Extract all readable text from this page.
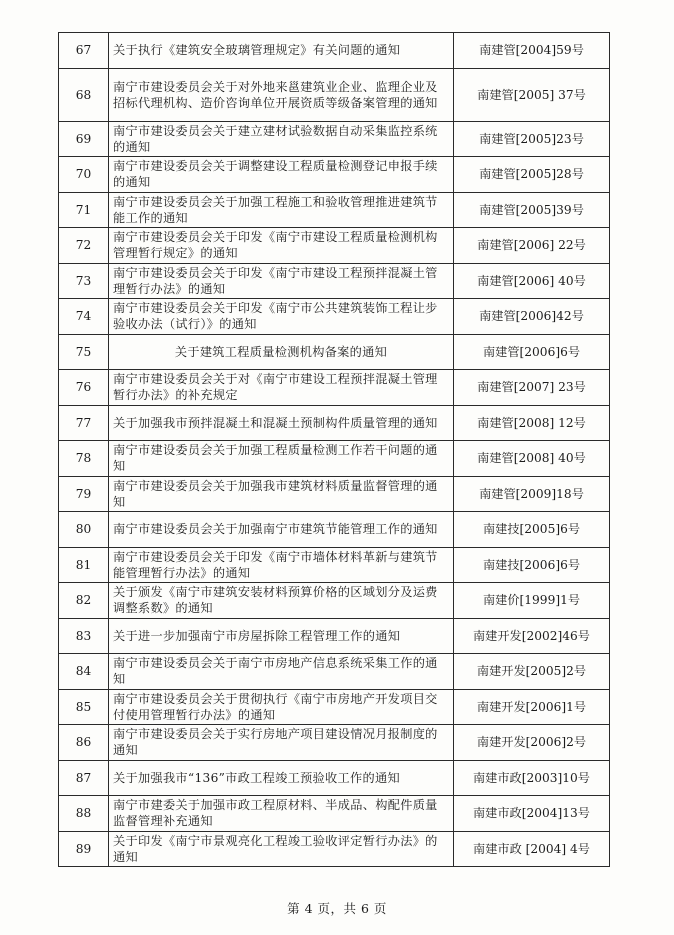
67	关于执行《建筑安全玻璃管理规定》有关问题的通知	南建管[2004]59号
68	南宁市建设委员会关于对外地来邕建筑业企业、监理企业及招标代理机构、造价咨询单位开展资质等级备案管理的通知	南建管[2005] 37号
69	南宁市建设委员会关于建立建材试验数据自动采集监控系统的通知	南建管[2005]23号
70	南宁市建设委员会关于调整建设工程质量检测登记申报手续的通知	南建管[2005]28号
71	南宁市建设委员会关于加强工程施工和验收管理推进建筑节能工作的通知	南建管[2005]39号
72	南宁市建设委员会关于印发《南宁市建设工程质量检测机构管理暂行规定》的通知	南建管[2006] 22号
73	南宁市建设委员会关于印发《南宁市建设工程预拌混凝土管理暂行办法》的通知	南建管[2006] 40号
74	南宁市建设委员会关于印发《南宁市公共建筑装饰工程让步验收办法（试行）》的通知	南建管[2006]42号
75	关于建筑工程质量检测机构备案的通知	南建管[2006]6号
76	南宁市建设委员会关于对《南宁市建设工程预拌混凝土管理暂行办法》的补充规定	南建管[2007] 23号
77	关于加强我市预拌混凝土和混凝土预制构件质量管理的通知	南建管[2008] 12号
78	南宁市建设委员会关于加强工程质量检测工作若干问题的通知	南建管[2008] 40号
79	南宁市建设委员会关于加强我市建筑材料质量监督管理的通知	南建管[2009]18号
80	南宁市建设委员会关于加强南宁市建筑节能管理工作的通知	南建技[2005]6号
81	南宁市建设委员会关于印发《南宁市墙体材料革新与建筑节能管理暂行办法》的通知	南建技[2006]6号
82	关于颁发《南宁市建筑安装材料预算价格的区域划分及运费调整系数》的通知	南建价[1999]1号
83	关于进一步加强南宁市房屋拆除工程管理工作的通知	南建开发[2002]46号
84	南宁市建设委员会关于南宁市房地产信息系统采集工作的通知	南建开发[2005]2号
85	南宁市建设委员会关于贯彻执行《南宁市房地产开发项目交付使用管理暂行办法》的通知	南建开发[2006]1号
86	南宁市建设委员会关于实行房地产项目建设情况月报制度的通知	南建开发[2006]2号
87	关于加强我市“136”市政工程竣工预验收工作的通知	南建市政[2003]10号
88	南宁市建委关于加强市政工程原材料、半成品、构配件质量监督管理补充通知	南建市政[2004]13号
89	关于印发《南宁市景观亮化工程竣工验收评定暂行办法》的通知	南建市政 [2004] 4号
第 4 页，共 6 页
